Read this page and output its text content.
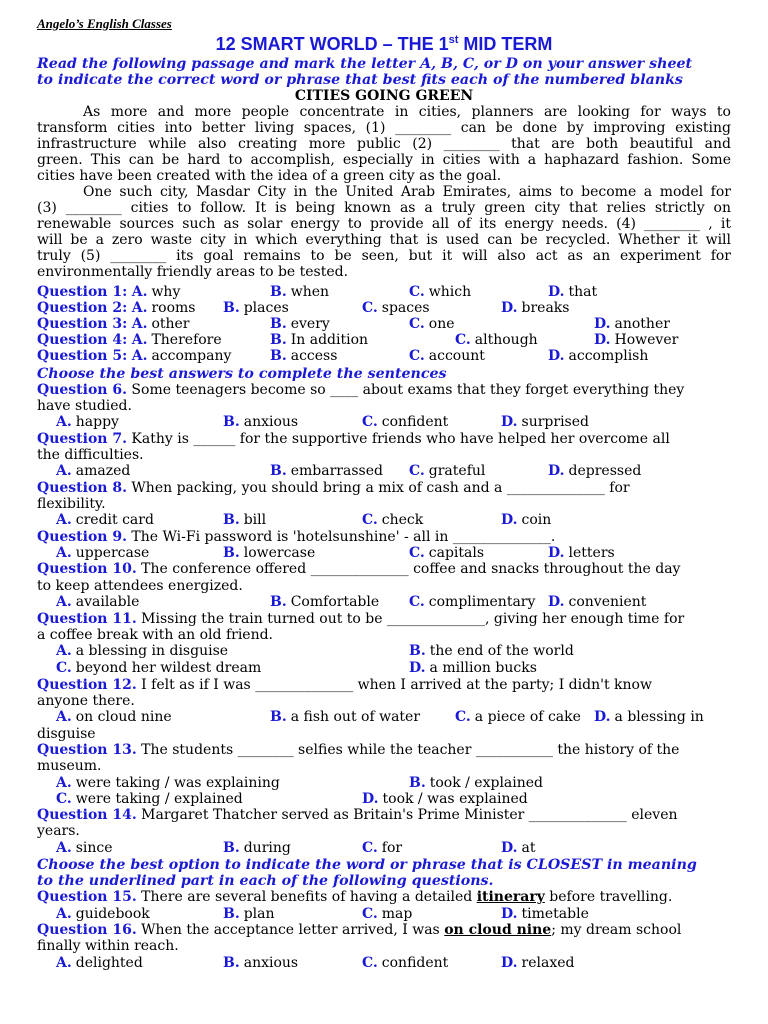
Angelo’s English Classes
12 SMART WORLD – THE 1st MID TERM
Read the following passage and mark the letter A, B, C, or D on your answer sheet
to indicate the correct word or phrase that best fits each of the numbered blanks
CITIES GOING GREEN
As more and more people concentrate in cities, planners are looking for ways to
transform cities into better living spaces, (1) ________ can be done by improving existing
infrastructure while also creating more public (2) ________ that are both beautiful and
green. This can be hard to accomplish, especially in cities with a haphazard fashion. Some
cities have been created with the idea of a green city as the goal.
One such city, Masdar City in the United Arab Emirates, aims to become a model for
(3) ________ cities to follow. It is being known as a truly green city that relies strictly on
renewable sources such as solar energy to provide all of its energy needs. (4) ________ , it
will be a zero waste city in which everything that is used can be recycled. Whether it will
truly (5) ________ its goal remains to be seen, but it will also act as an experiment for
environmentally friendly areas to be tested.
Question 1: A. why	B. when	C. which	D. that
Question 2: A. rooms B. places	C. spaces	D. breaks
Question 3: A. other	B. every	C. one	D. another
Question 4: A. Therefore	B. In addition	C. although	D. However
Question 5: A. accompany	B. access	C. account	D. accomplish
Choose the best answers to complete the sentences
Question 6. Some teenagers become so ____ about exams that they forget everything they
have studied.
A. happy	B. anxious	C. confident	D. surprised
Question 7. Kathy is ______ for the supportive friends who have helped her overcome all
the difficulties.
A. amazed	B. embarrassed C. grateful	D. depressed
Question 8. When packing, you should bring a mix of cash and a ______________ for
flexibility.
A. credit card	B. bill	C. check	D. coin
Question 9. The Wi-Fi password is 'hotelsunshine' - all in ______________.
A. uppercase	B. lowercase	C. capitals	D. letters
Question 10. The conference offered ______________ coffee and snacks throughout the day
to keep attendees energized.
A. available	B. Comfortable C. complimentary D. convenient
Question 11. Missing the train turned out to be ______________, giving her enough time for
a coffee break with an old friend.
A. a blessing in disguise	B. the end of the world
C. beyond her wildest dream	D. a million bucks
Question 12. I felt as if I was ______________ when I arrived at the party; I didn't know
anyone there.
A. on cloud nine	B. a fish out of water C. a piece of cake D. a blessing in
disguise
Question 13. The students ________ selfies while the teacher ___________ the history of the
museum.
A. were taking / was explaining	B. took / explained
C. were taking / explained	D. took / was explained
Question 14. Margaret Thatcher served as Britain's Prime Minister ______________ eleven
years.
A. since	B. during	C. for	D. at
Choose the best option to indicate the word or phrase that is CLOSEST in meaning
to the underlined part in each of the following questions.
Question 15. There are several benefits of having a detailed itinerary before travelling.
A. guidebook	B. plan	C. map	D. timetable
Question 16. When the acceptance letter arrived, I was on cloud nine; my dream school
finally within reach.
A. delighted	B. anxious	C. confident	D. relaxed
